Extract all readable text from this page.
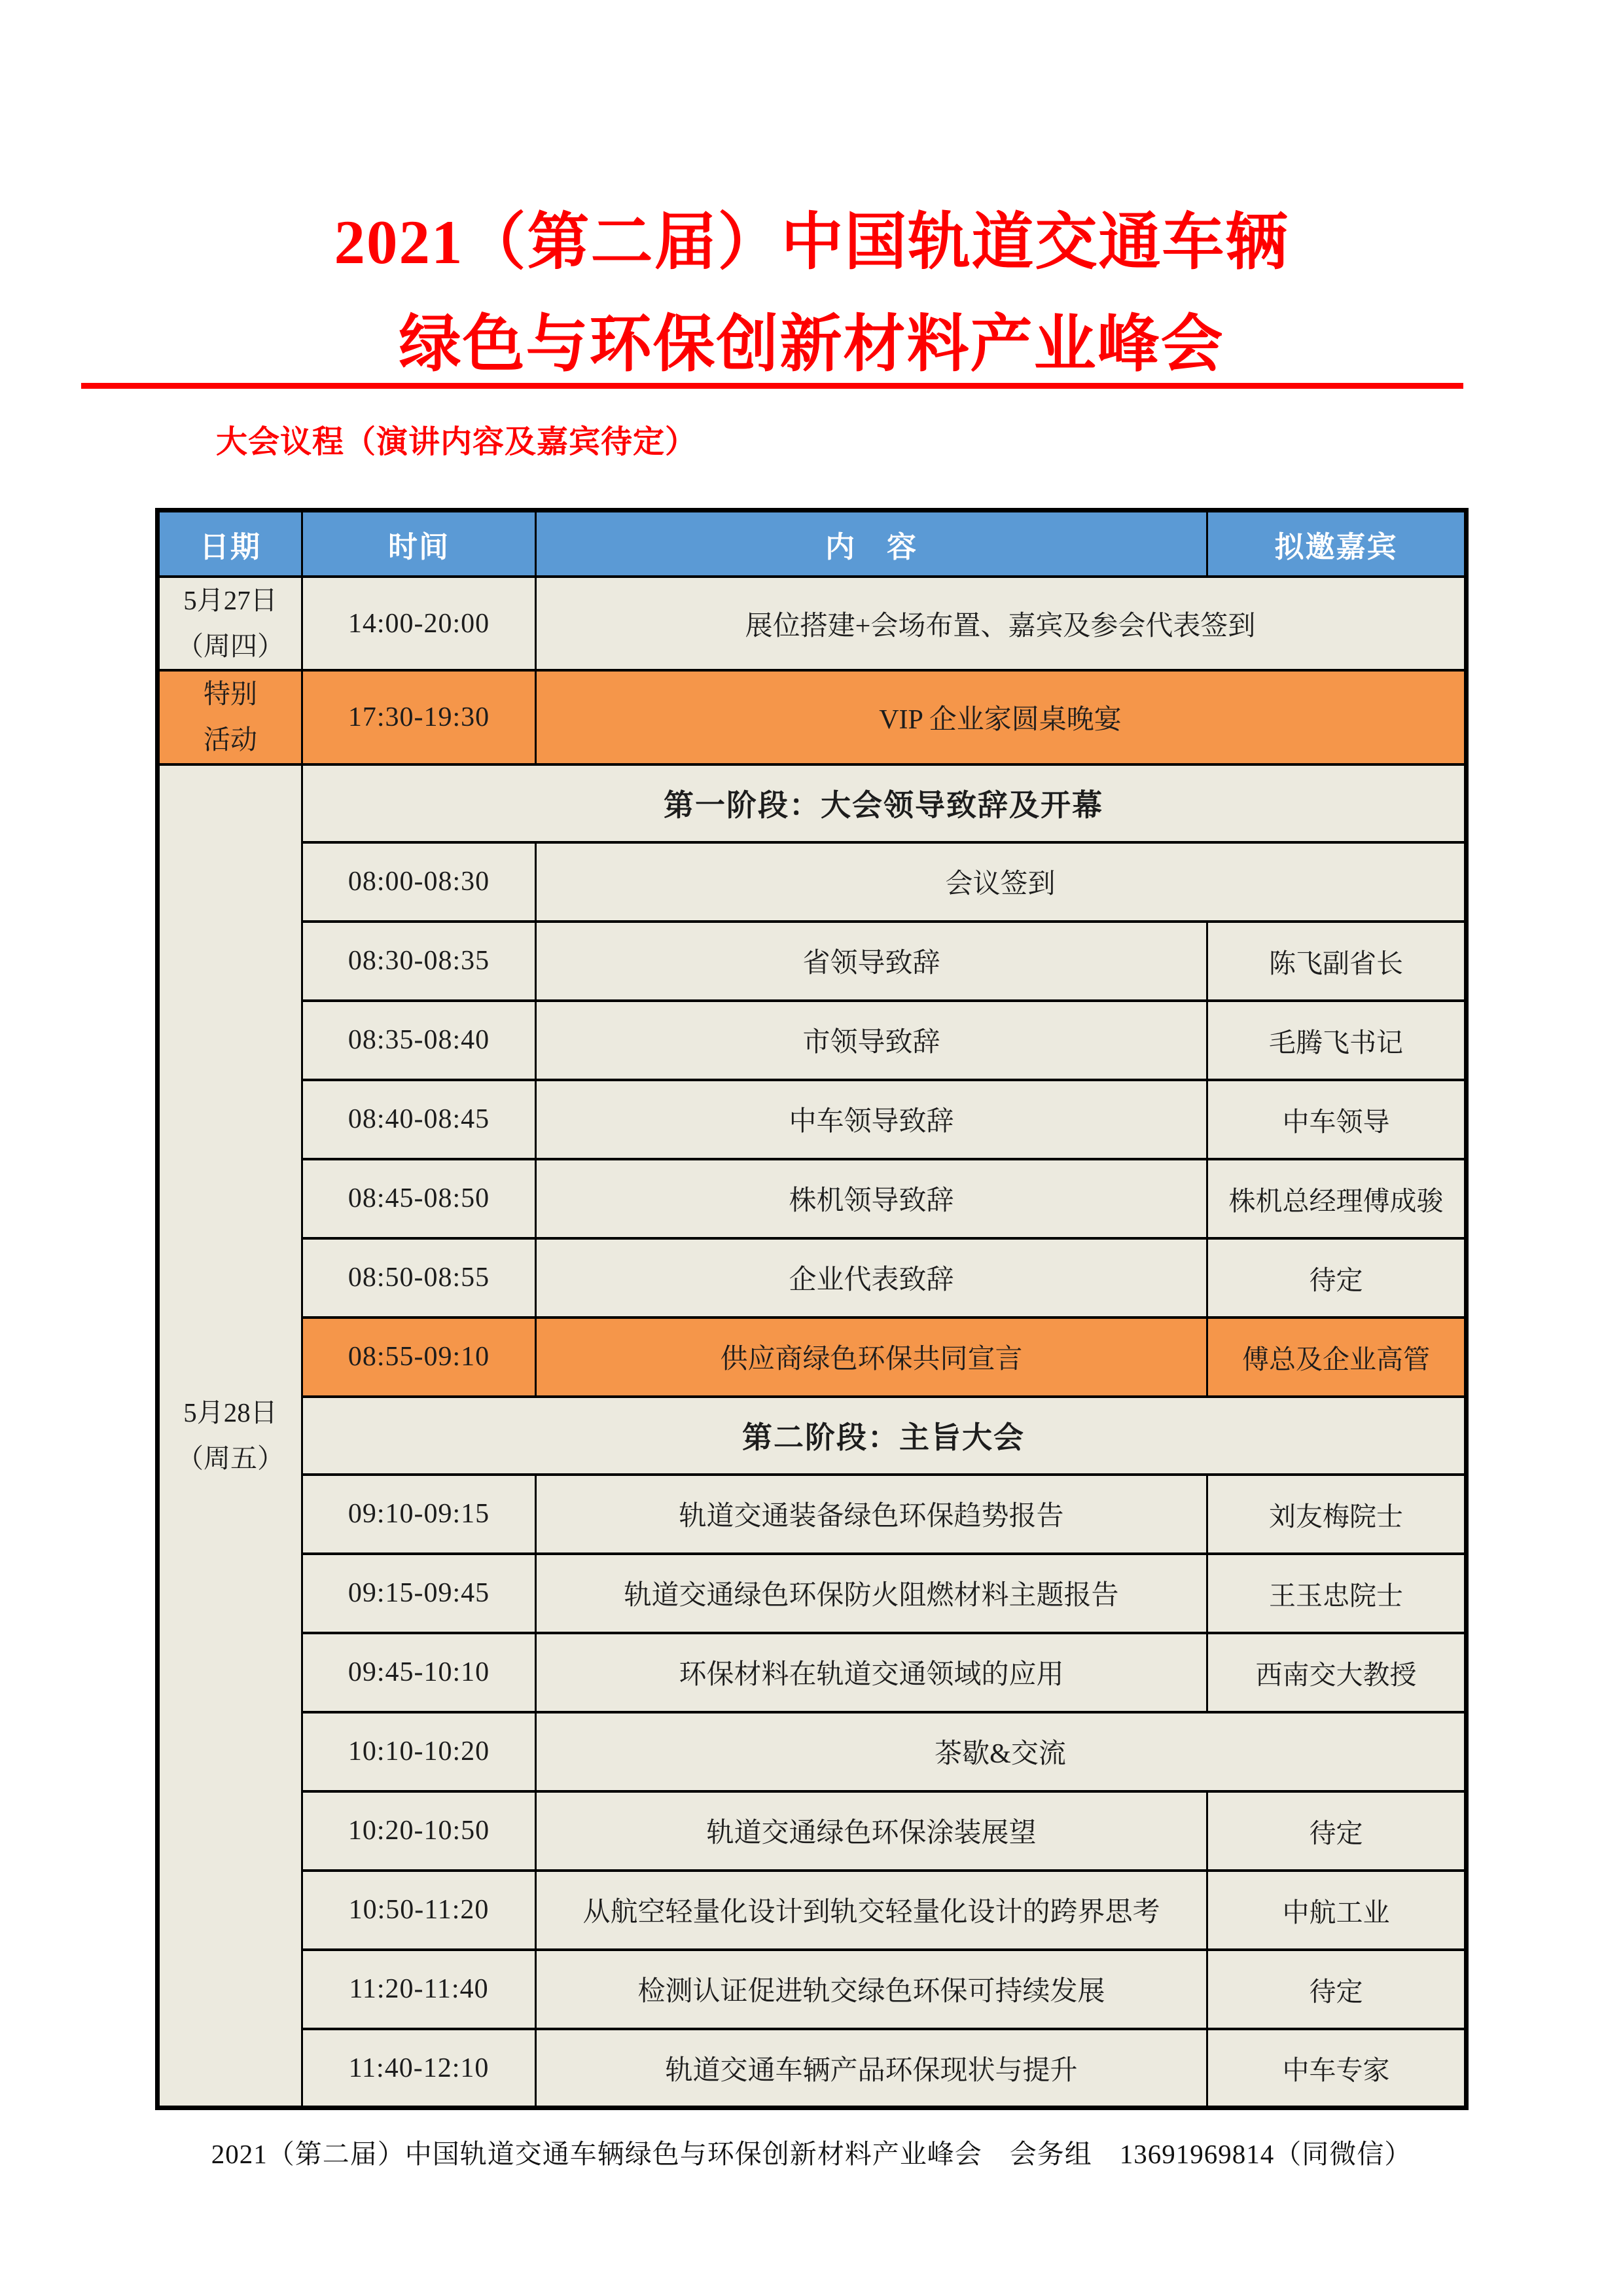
2021（第二届）中国轨道交通车辆
绿色与环保创新材料产业峰会
大会议程（演讲内容及嘉宾待定）
日期	时间	内　容	拟邀嘉宾
5月27日
（周四）	14:00-20:00	展位搭建+会场布置、嘉宾及参会代表签到	
特别
活动	17:30-19:30	VIP 企业家圆桌晚宴	
5月28日
（周五）	第一阶段：大会领导致辞及开幕		
	08:00-08:30	会议签到	
	08:30-08:35	省领导致辞	陈飞副省长
	08:35-08:40	市领导致辞	毛腾飞书记
	08:40-08:45	中车领导致辞	中车领导
	08:45-08:50	株机领导致辞	株机总经理傅成骏
	08:50-08:55	企业代表致辞	待定
	08:55-09:10	供应商绿色环保共同宣言	傅总及企业高管
	第二阶段：主旨大会		
	09:10-09:15	轨道交通装备绿色环保趋势报告	刘友梅院士
	09:15-09:45	轨道交通绿色环保防火阻燃材料主题报告	王玉忠院士
	09:45-10:10	环保材料在轨道交通领域的应用	西南交大教授
	10:10-10:20	茶歇&交流	
	10:20-10:50	轨道交通绿色环保涂装展望	待定
	10:50-11:20	从航空轻量化设计到轨交轻量化设计的跨界思考	中航工业
	11:20-11:40	检测认证促进轨交绿色环保可持续发展	待定
	11:40-12:10	轨道交通车辆产品环保现状与提升	中车专家
2021（第二届）中国轨道交通车辆绿色与环保创新材料产业峰会　会务组　13691969814（同微信）
